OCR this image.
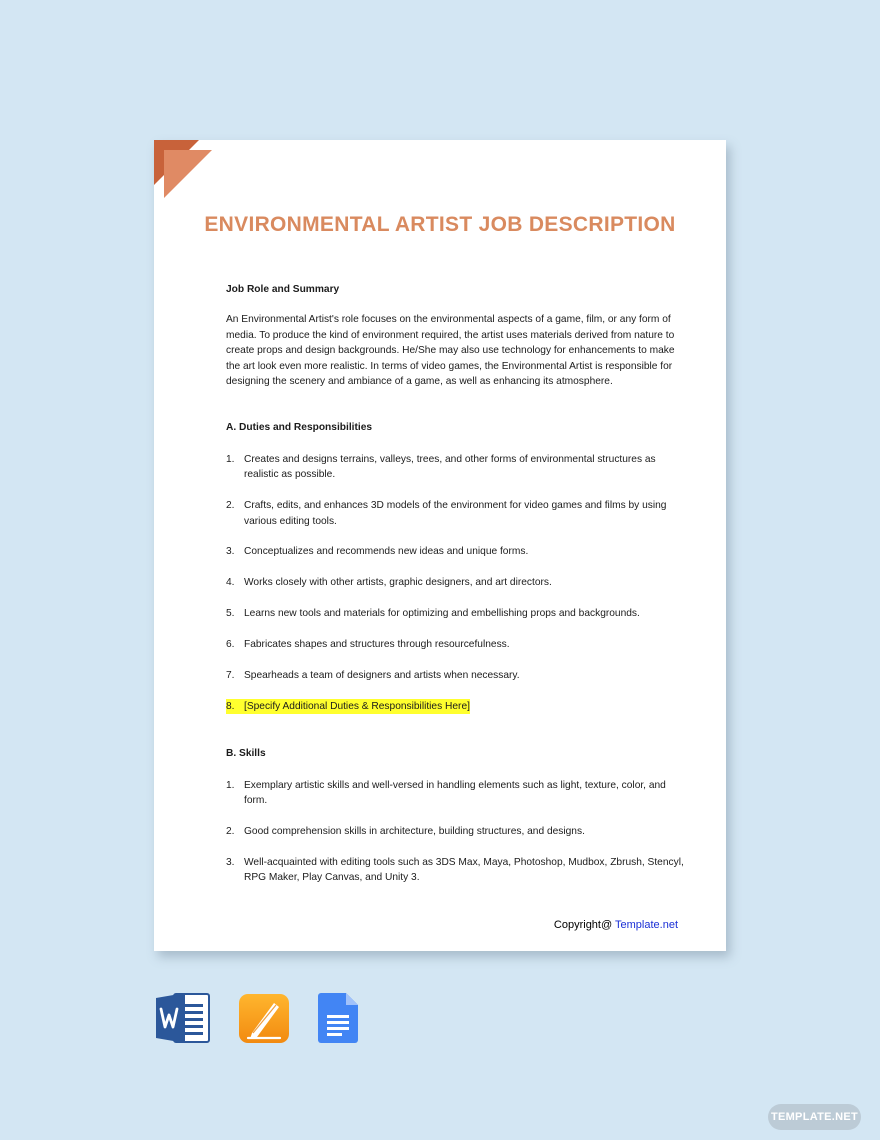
ENVIRONMENTAL ARTIST JOB DESCRIPTION
Job Role and Summary

An Environmental Artist's role focuses on the environmental aspects of a game, film, or any form of media. To produce the kind of environment required, the artist uses materials derived from nature to create props and design backgrounds. He/She may also use technology for enhancements to make the art look even more realistic. In terms of video games, the Environmental Artist is responsible for designing the scenery and ambiance of a game, as well as enhancing its atmosphere.

A. Duties and Responsibilities
1. Creates and designs terrains, valleys, trees, and other forms of environmental structures as realistic as possible.
2. Crafts, edits, and enhances 3D models of the environment for video games and films by using various editing tools.
3. Conceptualizes and recommends new ideas and unique forms.
4. Works closely with other artists, graphic designers, and art directors.
5. Learns new tools and materials for optimizing and embellishing props and backgrounds.
6. Fabricates shapes and structures through resourcefulness.
7. Spearheads a team of designers and artists when necessary.
8. [Specify Additional Duties & Responsibilities Here]
B. Skills
1. Exemplary artistic skills and well-versed in handling elements such as light, texture, color, and form.
2. Good comprehension skills in architecture, building structures, and designs.
3. Well-acquainted with editing tools such as 3DS Max, Maya, Photoshop, Mudbox, Zbrush, Stencyl, RPG Maker, Play Canvas, and Unity 3.
Copyright@ Template.net
TEMPLATE.NET
